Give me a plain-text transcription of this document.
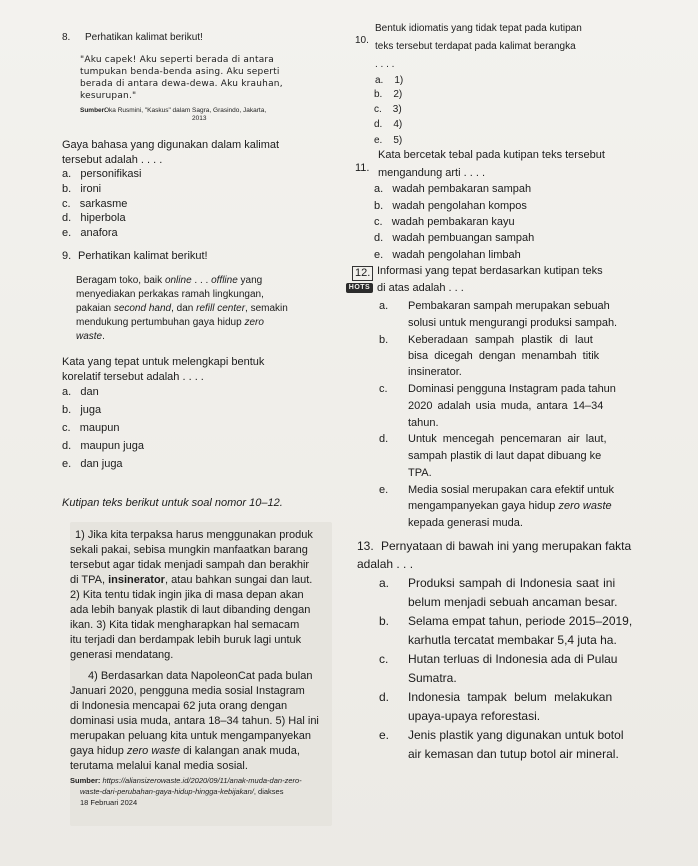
8. Perhatikan kalimat berikut!
"Aku capek! Aku seperti berada di antara
tumpukan benda-benda asing. Aku seperti
berada di antara dewa-dewa. Aku krauhan,
kesurupan."
Sumber:
Oka Rusmini, "Kaskus" dalam Sagra, Grasindo, Jakarta,
2013
Gaya bahasa yang digunakan dalam kalimat
tersebut adalah . . . .
a.   personifikasi
b.   ironi
c.   sarkasme
d.   hiperbola
e.   anafora
9. Perhatikan kalimat berikut!
Beragam toko, baik online . . . offline yang
menyediakan perkakas ramah lingkungan,
pakaian second hand, dan refill center, semakin
mendukung pertumbuhan gaya hidup zero
waste.
Kata yang tepat untuk melengkapi bentuk
korelatif tersebut adalah . . . .
a.   dan
b.   juga
c.   maupun
d.   maupun juga
e.   dan juga
Kutipan teks berikut untuk soal nomor 10–12.
1) Jika kita terpaksa harus menggunakan produk
sekali pakai, sebisa mungkin manfaatkan barang
tersebut agar tidak menjadi sampah dan berakhir
di TPA, insinerator, atau bahkan sungai dan laut.
2) Kita tentu tidak ingin jika di masa depan akan
ada lebih banyak plastik di laut dibanding dengan
ikan. 3) Kita tidak mengharapkan hal semacam
itu terjadi dan berdampak lebih buruk lagi untuk
generasi mendatang.
4) Berdasarkan data NapoleonCat pada bulan
Januari 2020, pengguna media sosial Instagram
di Indonesia mencapai 62 juta orang dengan
dominasi usia muda, antara 18–34 tahun. 5) Hal ini
merupakan peluang kita untuk mengampanyekan
gaya hidup zero waste di kalangan anak muda,
terutama melalui kanal media sosial.
Sumber: https://aliansizerowaste.id/2020/09/11/anak-muda-dan-zero-
waste-dari-perubahan-gaya-hidup-hingga-kebijakan/, diakses
18 Februari 2024
10.
Bentuk idiomatis yang tidak tepat pada kutipan
teks tersebut terdapat pada kalimat berangka
. . . .
a. 1)
b. 2)
c. 3)
d. 4)
e. 5)
11.
Kata bercetak tebal pada kutipan teks tersebut
mengandung arti . . . .
a.   wadah pembakaran sampah
b.   wadah pengolahan kompos
c.   wadah pembakaran kayu
d.   wadah pembuangan sampah
e.   wadah pengolahan limbah
12.
HOTS
Informasi yang tepat berdasarkan kutipan teks
di atas adalah . . .
a. Pembakaran sampah merupakan sebuah
solusi untuk mengurangi produksi sampah.
b. Keberadaan sampah plastik di laut
bisa dicegah dengan menambah titik
insinerator.
c. Dominasi pengguna Instagram pada tahun
2020 adalah usia muda, antara 14–34
tahun.
d. Untuk mencegah pencemaran air laut,
sampah plastik di laut dapat dibuang ke
TPA.
e. Media sosial merupakan cara efektif untuk
mengampanyekan gaya hidup zero waste
kepada generasi muda.
13. Pernyataan di bawah ini yang merupakan fakta
adalah . . .
a. Produksi sampah di Indonesia saat ini
belum menjadi sebuah ancaman besar.
b. Selama empat tahun, periode 2015–2019,
karhutla tercatat membakar 5,4 juta ha.
c. Hutan terluas di Indonesia ada di Pulau
Sumatra.
d. Indonesia tampak belum melakukan
upaya-upaya reforestasi.
e. Jenis plastik yang digunakan untuk botol
air kemasan dan tutup botol air mineral.
